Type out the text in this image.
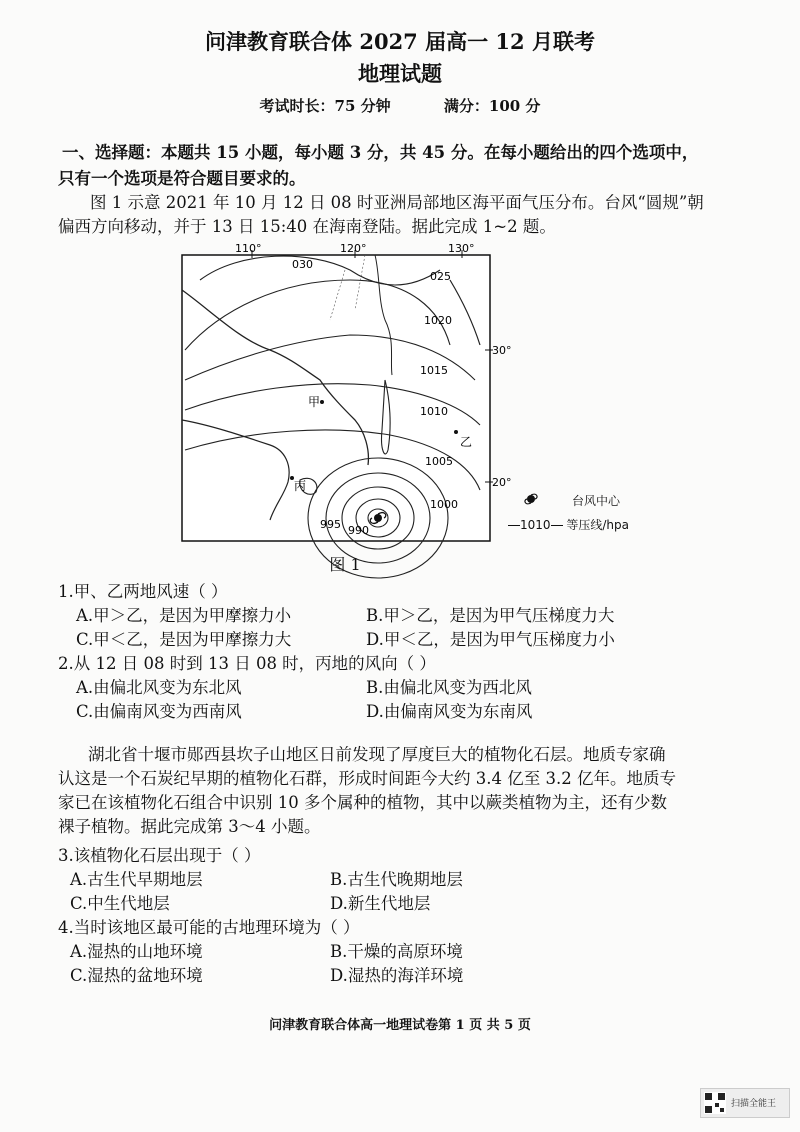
问津教育联合体 2027 届高一 12 月联考
地理试题
考试时长：75 分钟	满分：100 分
一、选择题：本题共 15 小题，每小题 3 分，共 45 分。在每小题给出的四个选项中，
只有一个选项是符合题目要求的。
图 1 示意 2021 年 10 月 12 日 08 时亚洲局部地区海平面气压分布。台风“圆规”朝
偏西方向移动，并于 13 日 15:40 在海南登陆。据此完成 1~2 题。
110°	120°	130°
30°
20°
030
025
1020
1015
1010
1005
1000
995 990
甲
乙
丙
台风中心
1010 等压线/hpa
图 1
1.甲、乙两地风速（ ）
A.甲＞乙，是因为甲摩擦力小	B.甲＞乙，是因为甲气压梯度力大
C.甲＜乙，是因为甲摩擦力大	D.甲＜乙，是因为甲气压梯度力小
2.从 12 日 08 时到 13 日 08 时，丙地的风向（ ）
A.由偏北风变为东北风	B.由偏北风变为西北风
C.由偏南风变为西南风	D.由偏南风变为东南风
湖北省十堰市郧西县坎子山地区日前发现了厚度巨大的植物化石层。地质专家确
认这是一个石炭纪早期的植物化石群，形成时间距今大约 3.4 亿至 3.2 亿年。地质专
家已在该植物化石组合中识别 10 多个属种的植物，其中以蕨类植物为主，还有少数
裸子植物。据此完成第 3～4 小题。
3.该植物化石层出现于（ ）
A.古生代早期地层	B.古生代晚期地层
C.中生代地层	D.新生代地层
4.当时该地区最可能的古地理环境为（ ）
A.湿热的山地环境	B.干燥的高原环境
C.湿热的盆地环境	D.湿热的海洋环境
问津教育联合体高一地理试卷第 1 页 共 5 页
扫描全能王
